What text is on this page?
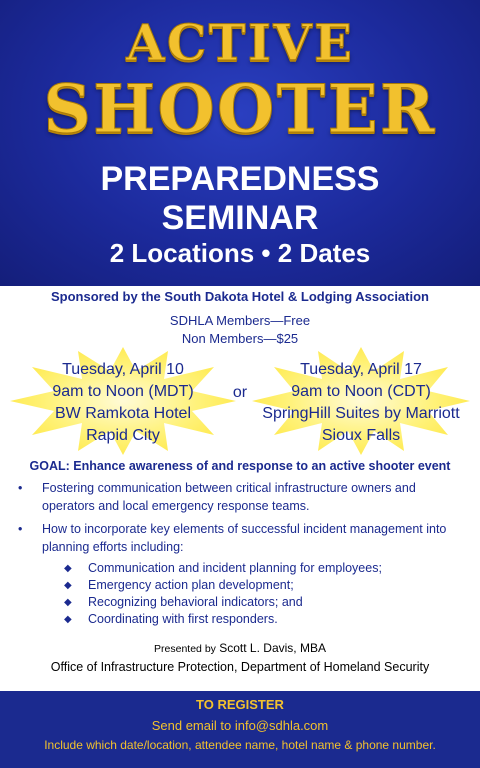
ACTIVE
SHOOTER
PREPAREDNESS
SEMINAR
2 Locations • 2 Dates
Sponsored by the South Dakota Hotel & Lodging Association
SDHLA Members—Free
Non Members—$25
Tuesday, April 10
9am to Noon (MDT)
BW Ramkota Hotel
Rapid City
or
Tuesday, April 17
9am to Noon (CDT)
SpringHill Suites by Marriott
Sioux Falls
GOAL: Enhance awareness of and response to an active shooter event
• Fostering communication between critical infrastructure owners and operators and local emergency response teams.
• How to incorporate key elements of successful incident management into planning efforts including:
◆ Communication and incident planning for employees;
◆ Emergency action plan development;
◆ Recognizing behavioral indicators; and
◆ Coordinating with first responders.
Presented by Scott L. Davis, MBA
Office of Infrastructure Protection, Department of Homeland Security
TO REGISTER
Send email to info@sdhla.com
Include which date/location, attendee name, hotel name & phone number.
